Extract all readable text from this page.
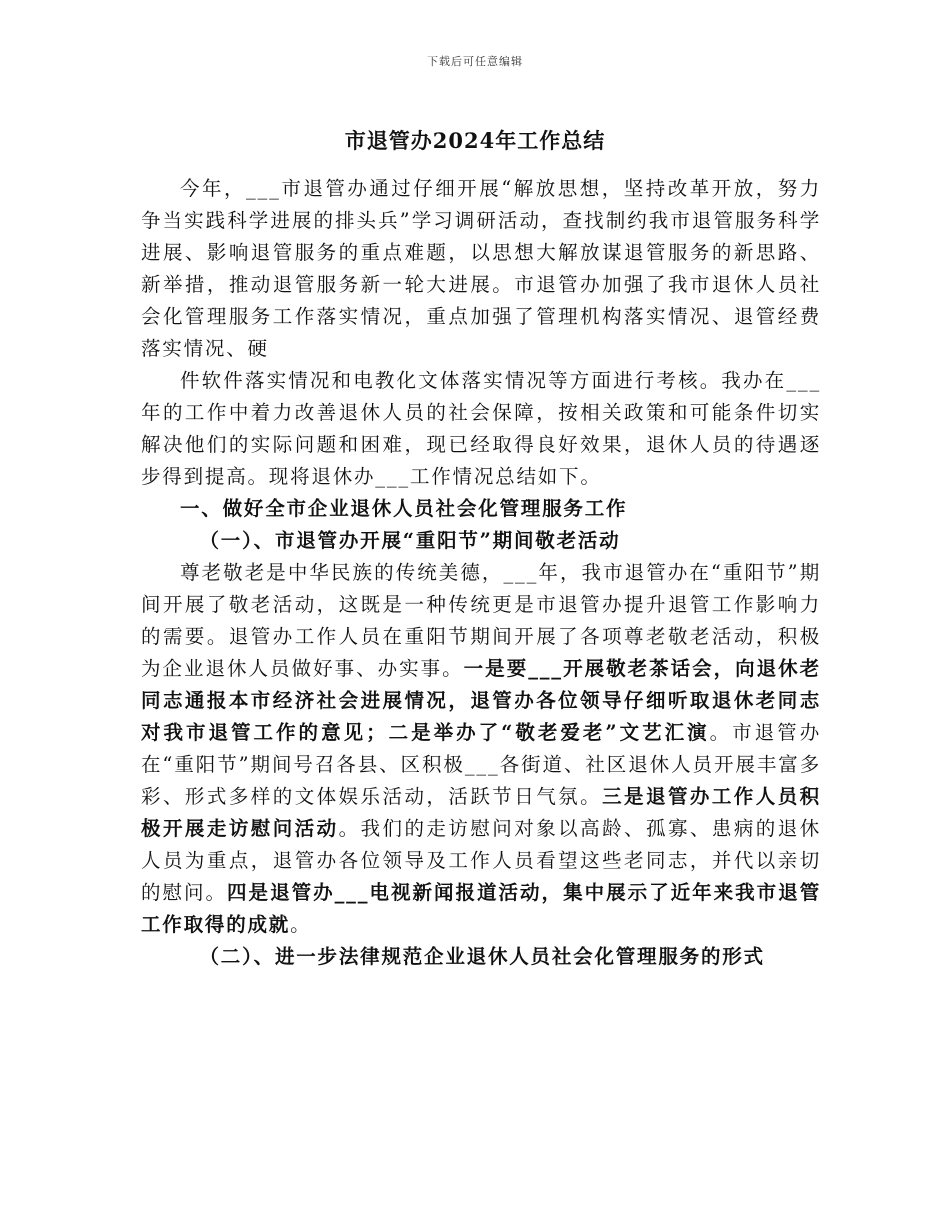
下载后可任意编辑
市退管办2024年工作总结

今年，___市退管办通过仔细开展“解放思想，坚持改革开放，努力争当实践科学进展的排头兵”学习调研活动，查找制约我市退管服务科学进展、影响退管服务的重点难题，以思想大解放谋退管服务的新思路、新举措，推动退管服务新一轮大进展。市退管办加强了我市退休人员社会化管理服务工作落实情况，重点加强了管理机构落实情况、退管经费落实情况、硬

件软件落实情况和电教化文体落实情况等方面进行考核。我办在___年的工作中着力改善退休人员的社会保障，按相关政策和可能条件切实解决他们的实际问题和困难，现已经取得良好效果，退休人员的待遇逐步得到提高。现将退休办___工作情况总结如下。

一、做好全市企业退休人员社会化管理服务工作

（一）、市退管办开展“重阳节”期间敬老活动

尊老敬老是中华民族的传统美德，___年，我市退管办在“重阳节”期间开展了敬老活动，这既是一种传统更是市退管办提升退管工作影响力的需要。退管办工作人员在重阳节期间开展了各项尊老敬老活动，积极为企业退休人员做好事、办实事。一是要___开展敬老茶话会，向退休老同志通报本市经济社会进展情况，退管办各位领导仔细听取退休老同志对我市退管工作的意见；二是举办了“敬老爱老”文艺汇演。市退管办在“重阳节”期间号召各县、区积极___各街道、社区退休人员开展丰富多彩、形式多样的文体娱乐活动，活跃节日气氛。三是退管办工作人员积极开展走访慰问活动。我们的走访慰问对象以高龄、孤寡、患病的退休人员为重点，退管办各位领导及工作人员看望这些老同志，并代以亲切的慰问。四是退管办___电视新闻报道活动，集中展示了近年来我市退管工作取得的成就。

（二）、进一步法律规范企业退休人员社会化管理服务的形式
